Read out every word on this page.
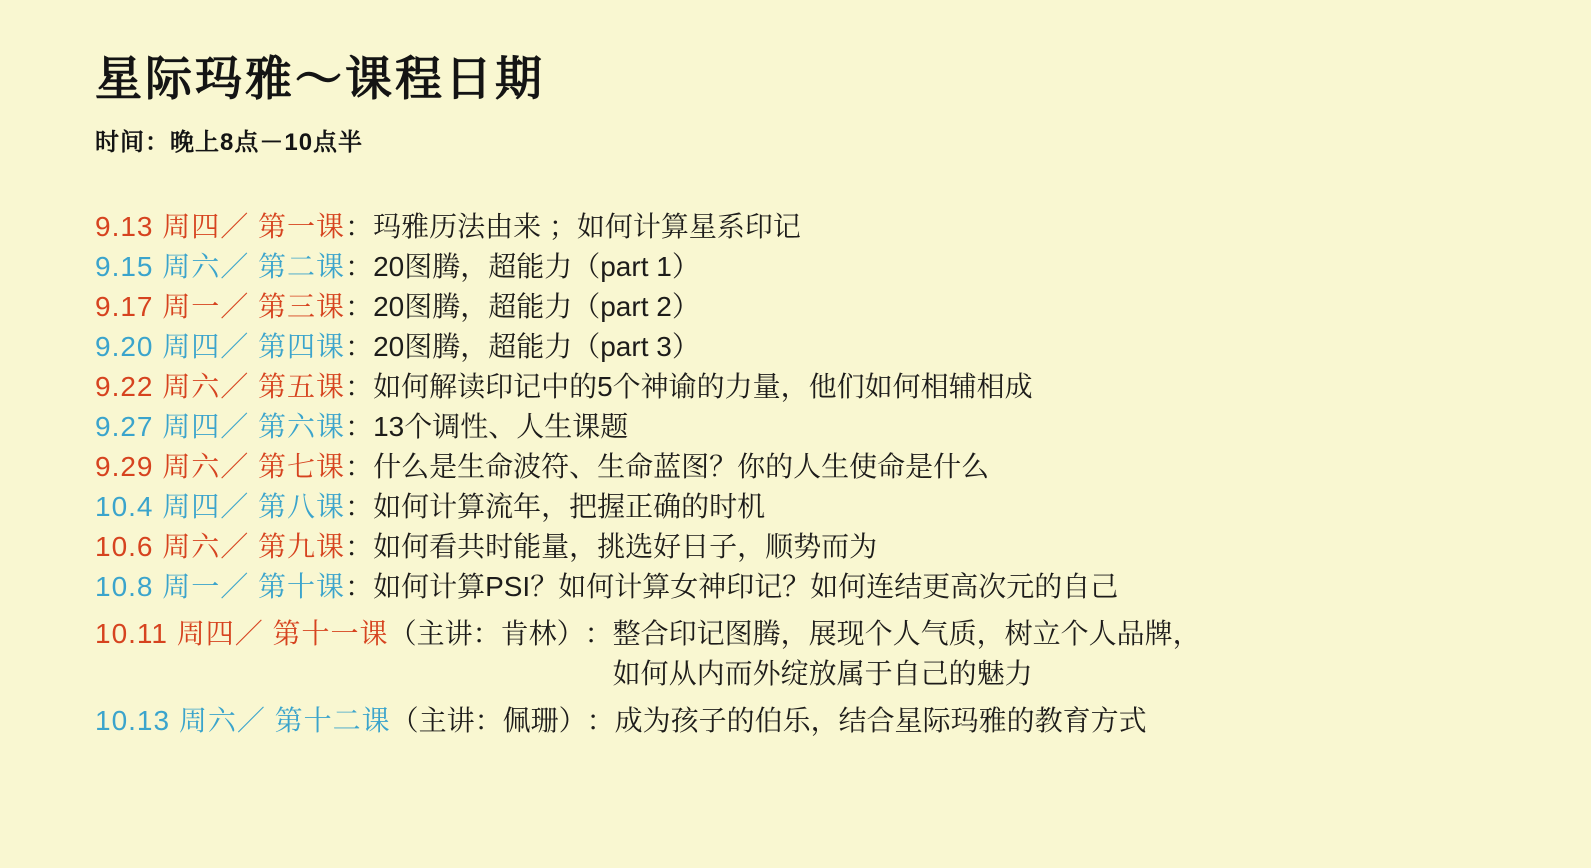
星际玛雅～课程日期
时间：晚上8点－10点半
9.13 周四／ 第一课 ： 玛雅历法由来 ；如何计算星系印记
9.15 周六／ 第二课 ： 20图腾，超能力（part 1）
9.17 周一／ 第三课 ： 20图腾，超能力（part 2）
9.20 周四／ 第四课 ： 20图腾，超能力（part 3）
9.22 周六／ 第五课 ： 如何解读印记中的5个神谕的力量，他们如何相辅相成
9.27 周四／ 第六课 ： 13个调性、人生课题
9.29 周六／ 第七课 ： 什么是生命波符、生命蓝图？你的人生使命是什么
10.4 周四／ 第八课 ： 如何计算流年，把握正确的时机
10.6 周六／ 第九课 ： 如何看共时能量，挑选好日子，顺势而为
10.8 周一／ 第十课 ： 如何计算PSI？如何计算女神印记？如何连结更高次元的自己
10.11 周四／ 第十一课 （主讲：肯林） ： 整合印记图腾，展现个人气质，树立个人品牌，
如何从内而外绽放属于自己的魅力
10.13 周六／ 第十二课 （主讲：佩珊） ： 成为孩子的伯乐，结合星际玛雅的教育方式
